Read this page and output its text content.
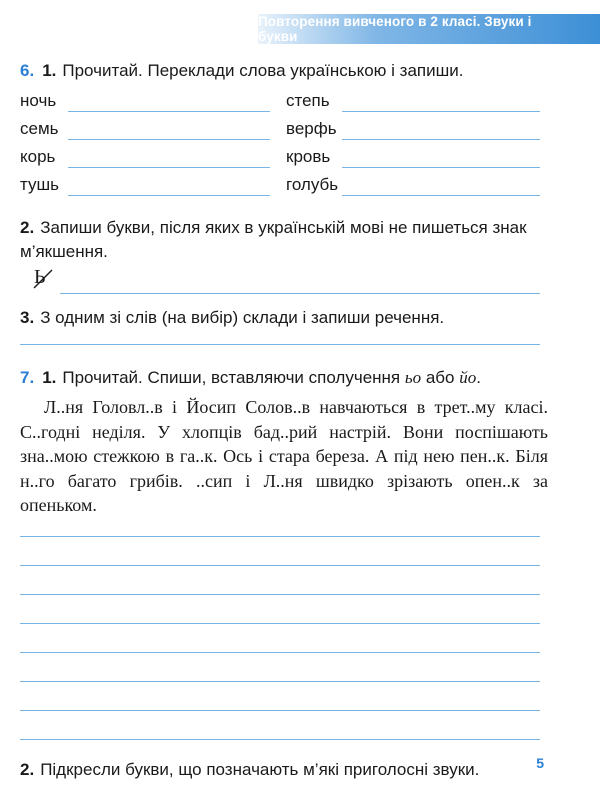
Повторення вивченого в 2 класі. Звуки і букви
6. 1. Прочитай. Переклади слова українською і запиши.
ночь	степь
семь	верфь
корь	кровь
тушь	голубь
2. Запиши букви, після яких в українській мові не пишеться знак м’якшення.
Ь
3. З одним зі слів (на вибір) склади і запиши речення.
7. 1. Прочитай. Спиши, вставляючи сполучення ьо або йо.
Л..ня Головл..в і Йосип Солов..в навчаються в трет..му класі. С..годні неділя. У хлопців бад..рий настрій. Вони поспішають зна..мою стежкою в га..к. Ось і стара береза. А під нею пен..к. Біля н..го багато грибів. ..сип і Л..ня швидко зрізають опен..к за опеньком.
2. Підкресли букви, що позначають м’які приголосні звуки.	5
